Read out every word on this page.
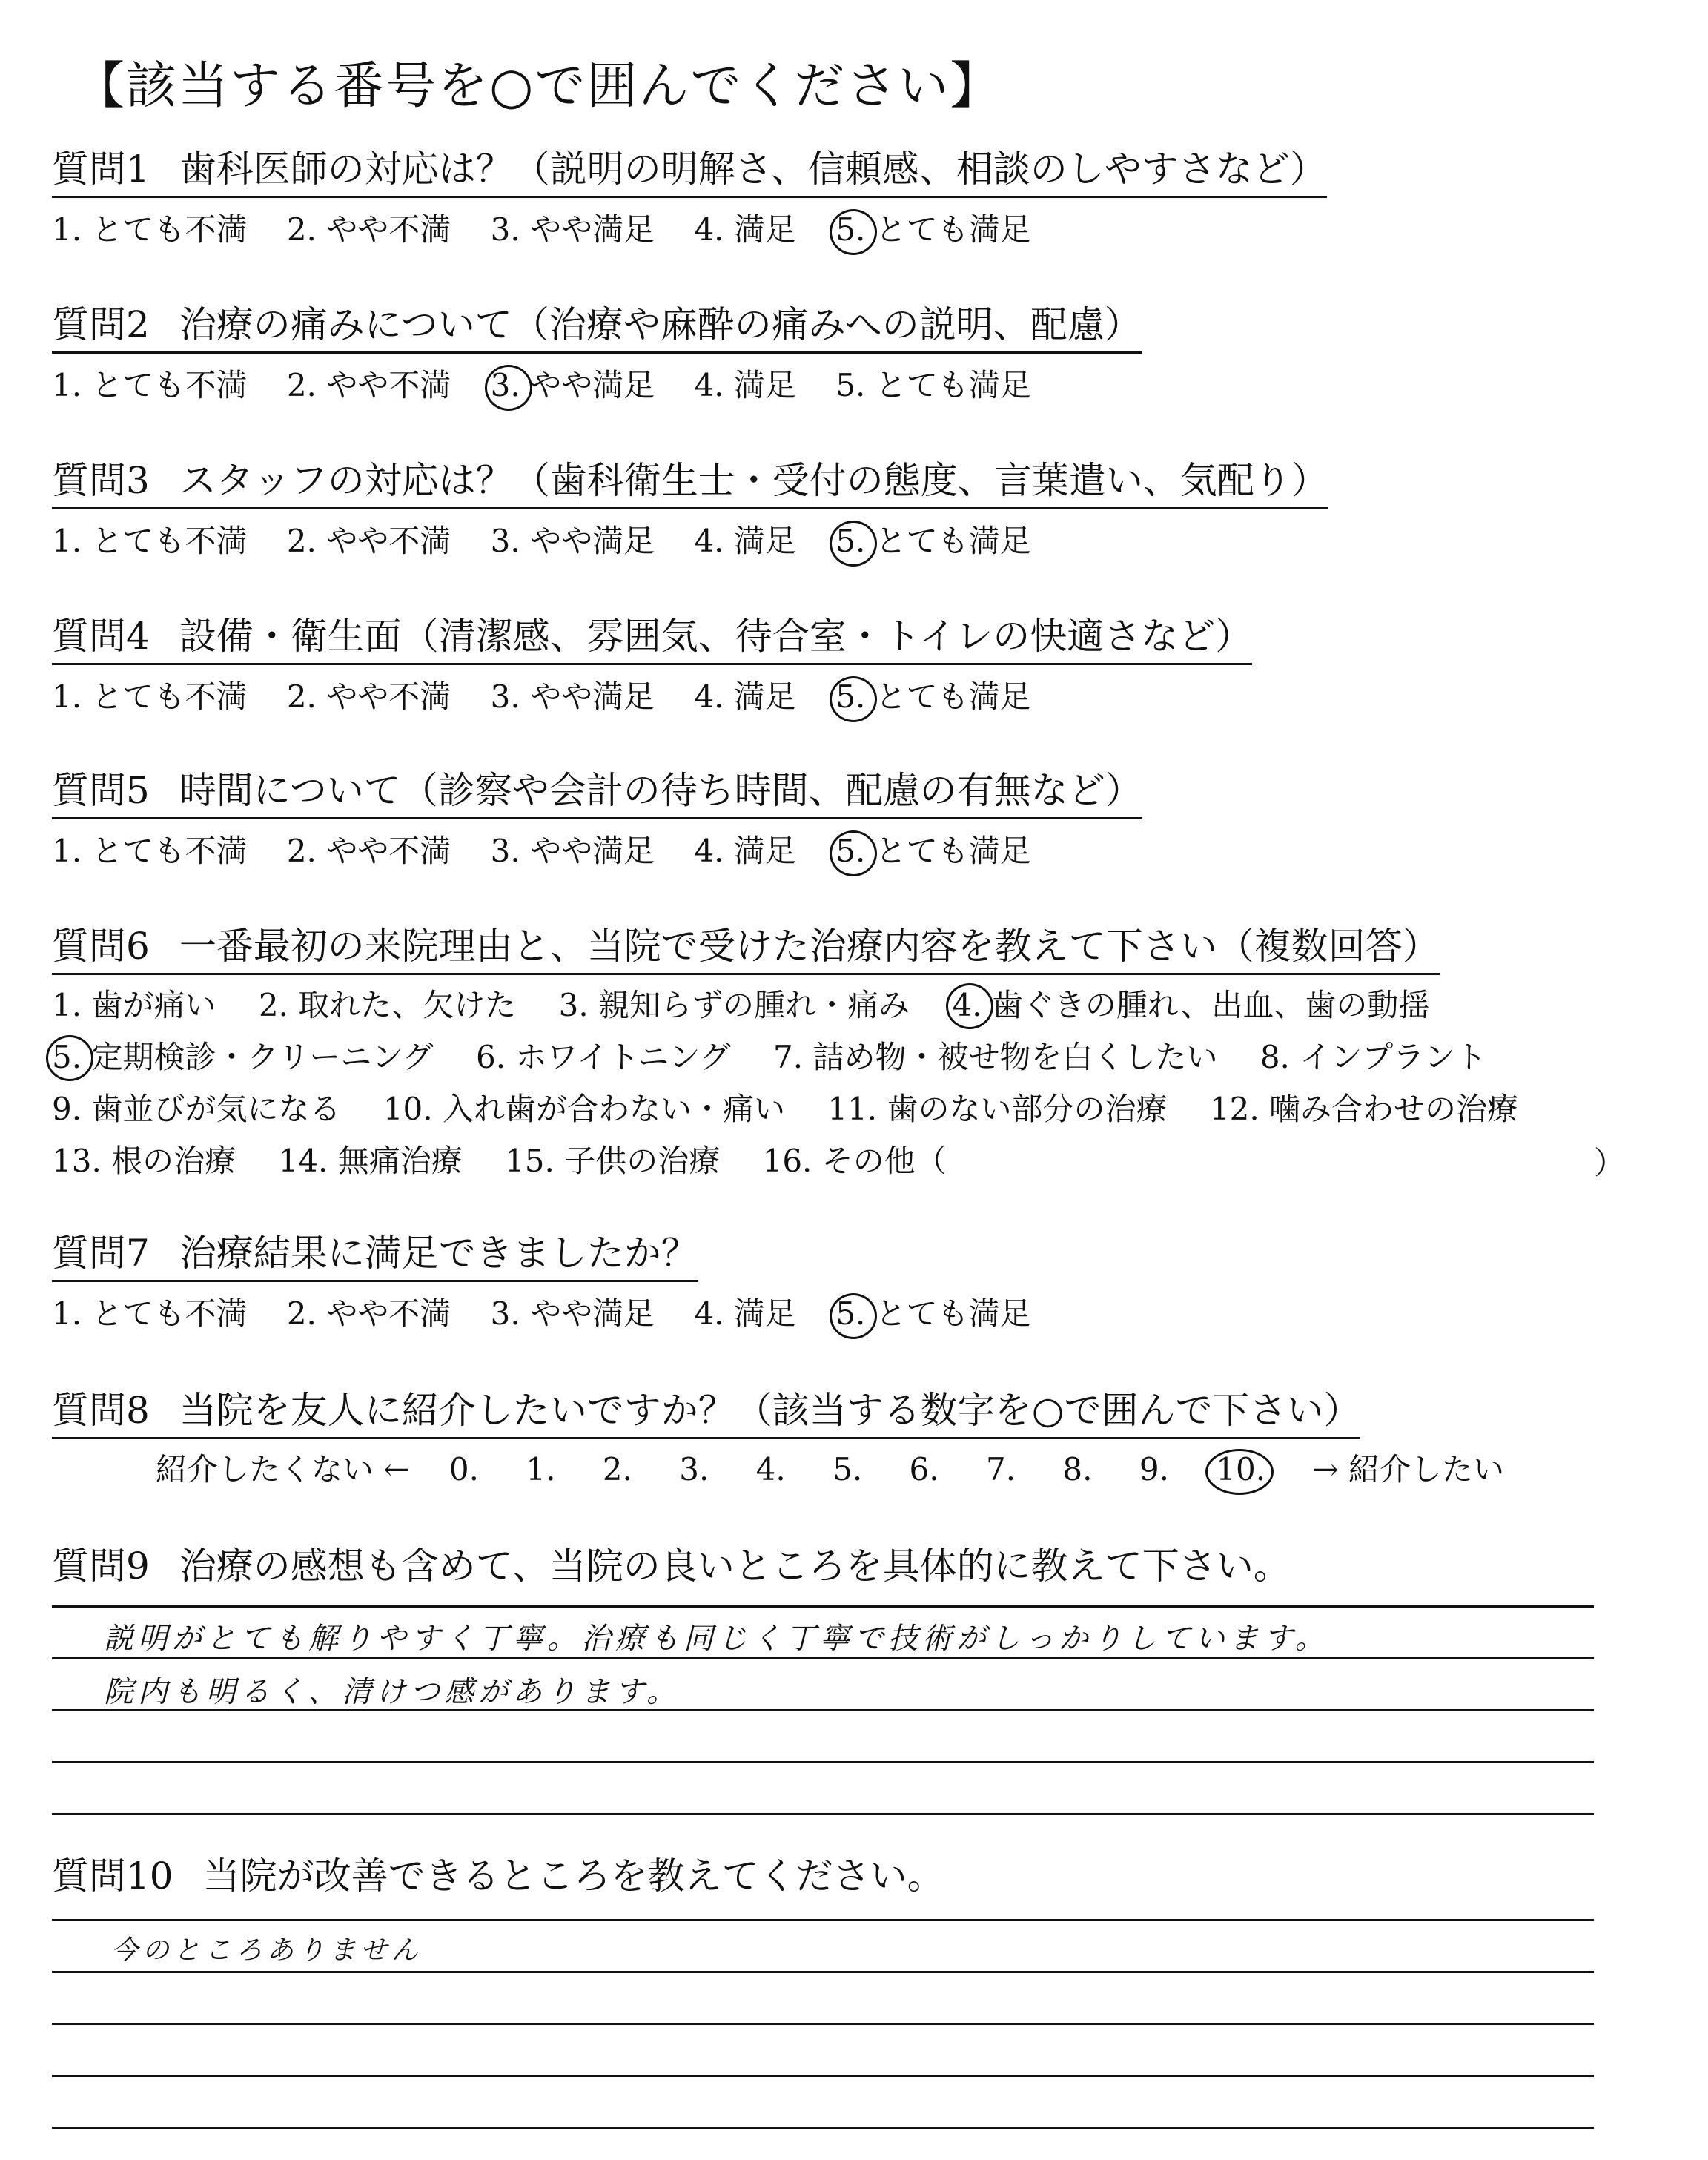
【該当する番号を○で囲んでください】
質問1 歯科医師の対応は？（説明の明解さ、信頼感、相談のしやすさなど）
1. とても不満 2. やや不満 3. やや満足 4. 満足 5. とても満足
質問2 治療の痛みについて（治療や麻酔の痛みへの説明、配慮）
1. とても不満 2. やや不満 3. やや満足 4. 満足 5. とても満足
質問3 スタッフの対応は？（歯科衛生士・受付の態度、言葉遣い、気配り）
1. とても不満 2. やや不満 3. やや満足 4. 満足 5. とても満足
質問4 設備・衛生面（清潔感、雰囲気、待合室・トイレの快適さなど）
1. とても不満 2. やや不満 3. やや満足 4. 満足 5. とても満足
質問5 時間について（診察や会計の待ち時間、配慮の有無など）
1. とても不満 2. やや不満 3. やや満足 4. 満足 5. とても満足
質問6 一番最初の来院理由と、当院で受けた治療内容を教えて下さい（複数回答）
1. 歯が痛い 2. 取れた、欠けた 3. 親知らずの腫れ・痛み 4. 歯ぐきの腫れ、出血、歯の動揺
5. 定期検診・クリーニング 6. ホワイトニング 7. 詰め物・被せ物を白くしたい 8. インプラント
9. 歯並びが気になる 10. 入れ歯が合わない・痛い 11. 歯のない部分の治療 12. 噛み合わせの治療
13. 根の治療 14. 無痛治療 15. 子供の治療 16. その他（	）
質問7 治療結果に満足できましたか？
1. とても不満 2. やや不満 3. やや満足 4. 満足 5. とても満足
質問8 当院を友人に紹介したいですか？（該当する数字を○で囲んで下さい）
紹介したくない ← 0. 1. 2. 3. 4. 5. 6. 7. 8. 9. 10. → 紹介したい
質問9 治療の感想も含めて、当院の良いところを具体的に教えて下さい。
説明がとても解りやすく丁寧。治療も同じく丁寧で技術がしっかりしています。
院内も明るく、清けつ感があります。
質問10 当院が改善できるところを教えてください。
今のところありません
